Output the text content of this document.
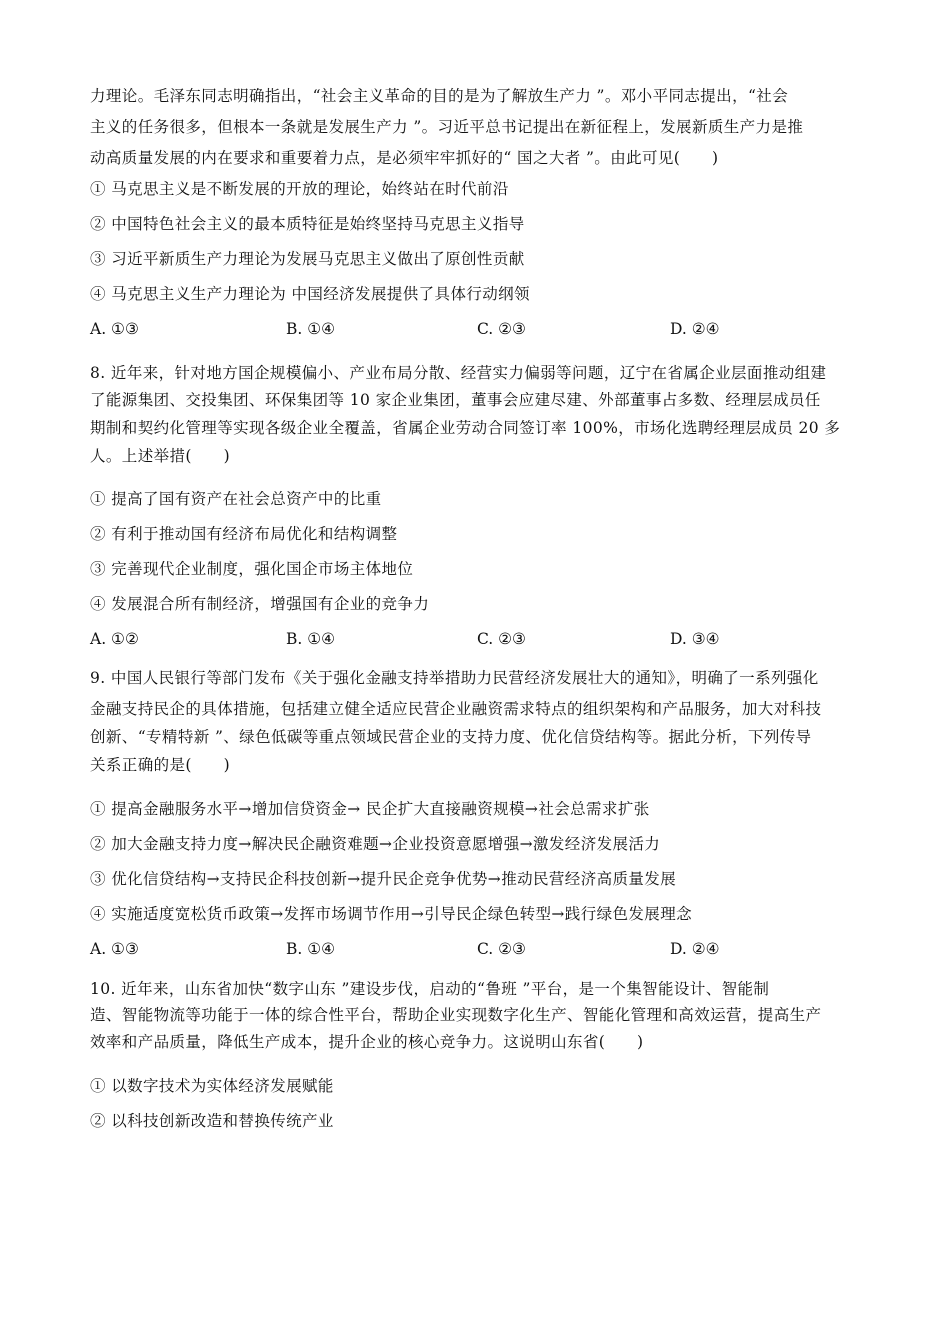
力理论。毛泽东同志明确指出，“社会主义革命的目的是为了解放生产力 ”。邓小平同志提出，“社会
主义的任务很多，但根本一条就是发展生产力 ”。习近平总书记提出在新征程上，发展新质生产力是推
动高质量发展的内在要求和重要着力点，是必须牢牢抓好的“ 国之大者 ”。由此可见(　　)
① 马克思主义是不断发展的开放的理论，始终站在时代前沿
② 中国特色社会主义的最本质特征是始终坚持马克思主义指导
③ 习近平新质生产力理论为发展马克思主义做出了原创性贡献
④ 马克思主义生产力理论为 中国经济发展提供了具体行动纲领
A. ①③	B. ①④	C. ②③	D. ②④
8. 近年来，针对地方国企规模偏小、产业布局分散、经营实力偏弱等问题，辽宁在省属企业层面推动组建
了能源集团、交投集团、环保集团等 10 家企业集团，董事会应建尽建、外部董事占多数、经理层成员任
期制和契约化管理等实现各级企业全覆盖，省属企业劳动合同签订率 100%，市场化选聘经理层成员 20 多
人。上述举措(　　)
① 提高了国有资产在社会总资产中的比重
② 有利于推动国有经济布局优化和结构调整
③ 完善现代企业制度，强化国企市场主体地位
④ 发展混合所有制经济，增强国有企业的竞争力
A. ①②	B. ①④	C. ②③	D. ③④
9. 中国人民银行等部门发布《关于强化金融支持举措助力民营经济发展壮大的通知》，明确了一系列强化
金融支持民企的具体措施，包括建立健全适应民营企业融资需求特点的组织架构和产品服务，加大对科技
创新、“专精特新 ”、绿色低碳等重点领域民营企业的支持力度、优化信贷结构等。据此分析，下列传导
关系正确的是(　　)
① 提高金融服务水平→增加信贷资金→ 民企扩大直接融资规模→社会总需求扩张
② 加大金融支持力度→解决民企融资难题→企业投资意愿增强→激发经济发展活力
③ 优化信贷结构→支持民企科技创新→提升民企竞争优势→推动民营经济高质量发展
④ 实施适度宽松货币政策→发挥市场调节作用→引导民企绿色转型→践行绿色发展理念
A. ①③	B. ①④	C. ②③	D. ②④
10. 近年来，山东省加快“数字山东 ”建设步伐，启动的“鲁班 ”平台，是一个集智能设计、智能制
造、智能物流等功能于一体的综合性平台，帮助企业实现数字化生产、智能化管理和高效运营，提高生产
效率和产品质量，降低生产成本，提升企业的核心竞争力。这说明山东省(　　)
① 以数字技术为实体经济发展赋能
② 以科技创新改造和替换传统产业
